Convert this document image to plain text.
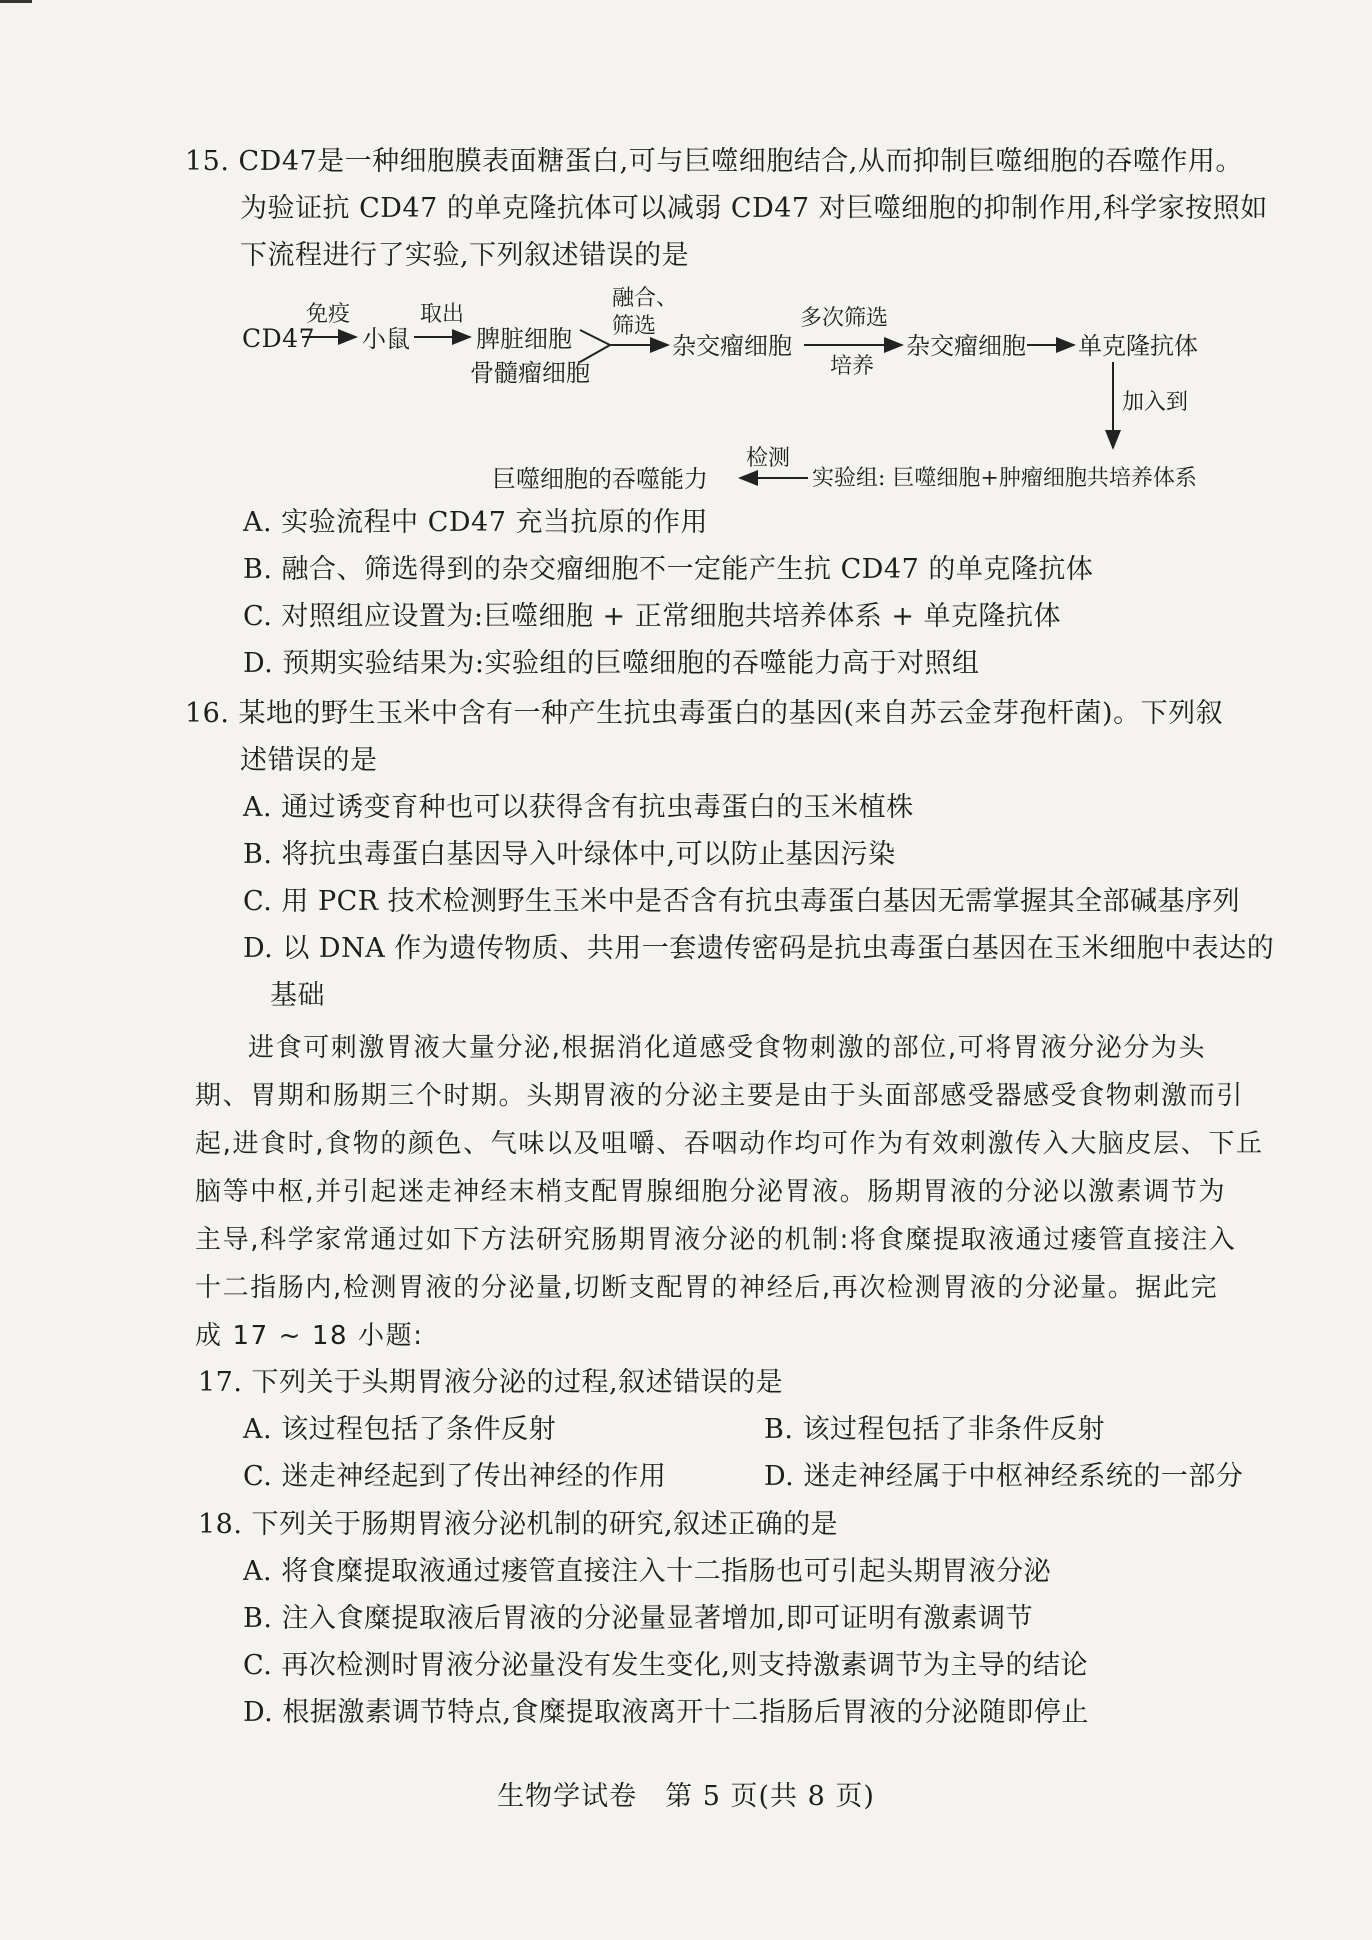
15. CD47是一种细胞膜表面糖蛋白,可与巨噬细胞结合,从而抑制巨噬细胞的吞噬作用。
为验证抗 CD47 的单克隆抗体可以减弱 CD47 对巨噬细胞的抑制作用,科学家按照如
下流程进行了实验,下列叙述错误的是
CD47
免疫
小鼠
取出
脾脏细胞
骨髓瘤细胞
融合、
筛选
杂交瘤细胞
多次筛选
培养
杂交瘤细胞 单克隆抗体
加入到
实验组: 巨噬细胞+肿瘤细胞共培养体系
检测
巨噬细胞的吞噬能力
A. 实验流程中 CD47 充当抗原的作用
B. 融合、筛选得到的杂交瘤细胞不一定能产生抗 CD47 的单克隆抗体
C. 对照组应设置为:巨噬细胞 + 正常细胞共培养体系 + 单克隆抗体
D. 预期实验结果为:实验组的巨噬细胞的吞噬能力高于对照组
16. 某地的野生玉米中含有一种产生抗虫毒蛋白的基因(来自苏云金芽孢杆菌)。下列叙
述错误的是
A. 通过诱变育种也可以获得含有抗虫毒蛋白的玉米植株
B. 将抗虫毒蛋白基因导入叶绿体中,可以防止基因污染
C. 用 PCR 技术检测野生玉米中是否含有抗虫毒蛋白基因无需掌握其全部碱基序列
D. 以 DNA 作为遗传物质、共用一套遗传密码是抗虫毒蛋白基因在玉米细胞中表达的
基础
进食可刺激胃液大量分泌,根据消化道感受食物刺激的部位,可将胃液分泌分为头
期、胃期和肠期三个时期。头期胃液的分泌主要是由于头面部感受器感受食物刺激而引
起,进食时,食物的颜色、气味以及咀嚼、吞咽动作均可作为有效刺激传入大脑皮层、下丘
脑等中枢,并引起迷走神经末梢支配胃腺细胞分泌胃液。肠期胃液的分泌以激素调节为
主导,科学家常通过如下方法研究肠期胃液分泌的机制:将食糜提取液通过瘘管直接注入
十二指肠内,检测胃液的分泌量,切断支配胃的神经后,再次检测胃液的分泌量。据此完
成 17 ~ 18 小题:
17. 下列关于头期胃液分泌的过程,叙述错误的是
A. 该过程包括了条件反射	B. 该过程包括了非条件反射
C. 迷走神经起到了传出神经的作用	D. 迷走神经属于中枢神经系统的一部分
18. 下列关于肠期胃液分泌机制的研究,叙述正确的是
A. 将食糜提取液通过瘘管直接注入十二指肠也可引起头期胃液分泌
B. 注入食糜提取液后胃液的分泌量显著增加,即可证明有激素调节
C. 再次检测时胃液分泌量没有发生变化,则支持激素调节为主导的结论
D. 根据激素调节特点,食糜提取液离开十二指肠后胃液的分泌随即停止
生物学试卷　第 5 页(共 8 页)
